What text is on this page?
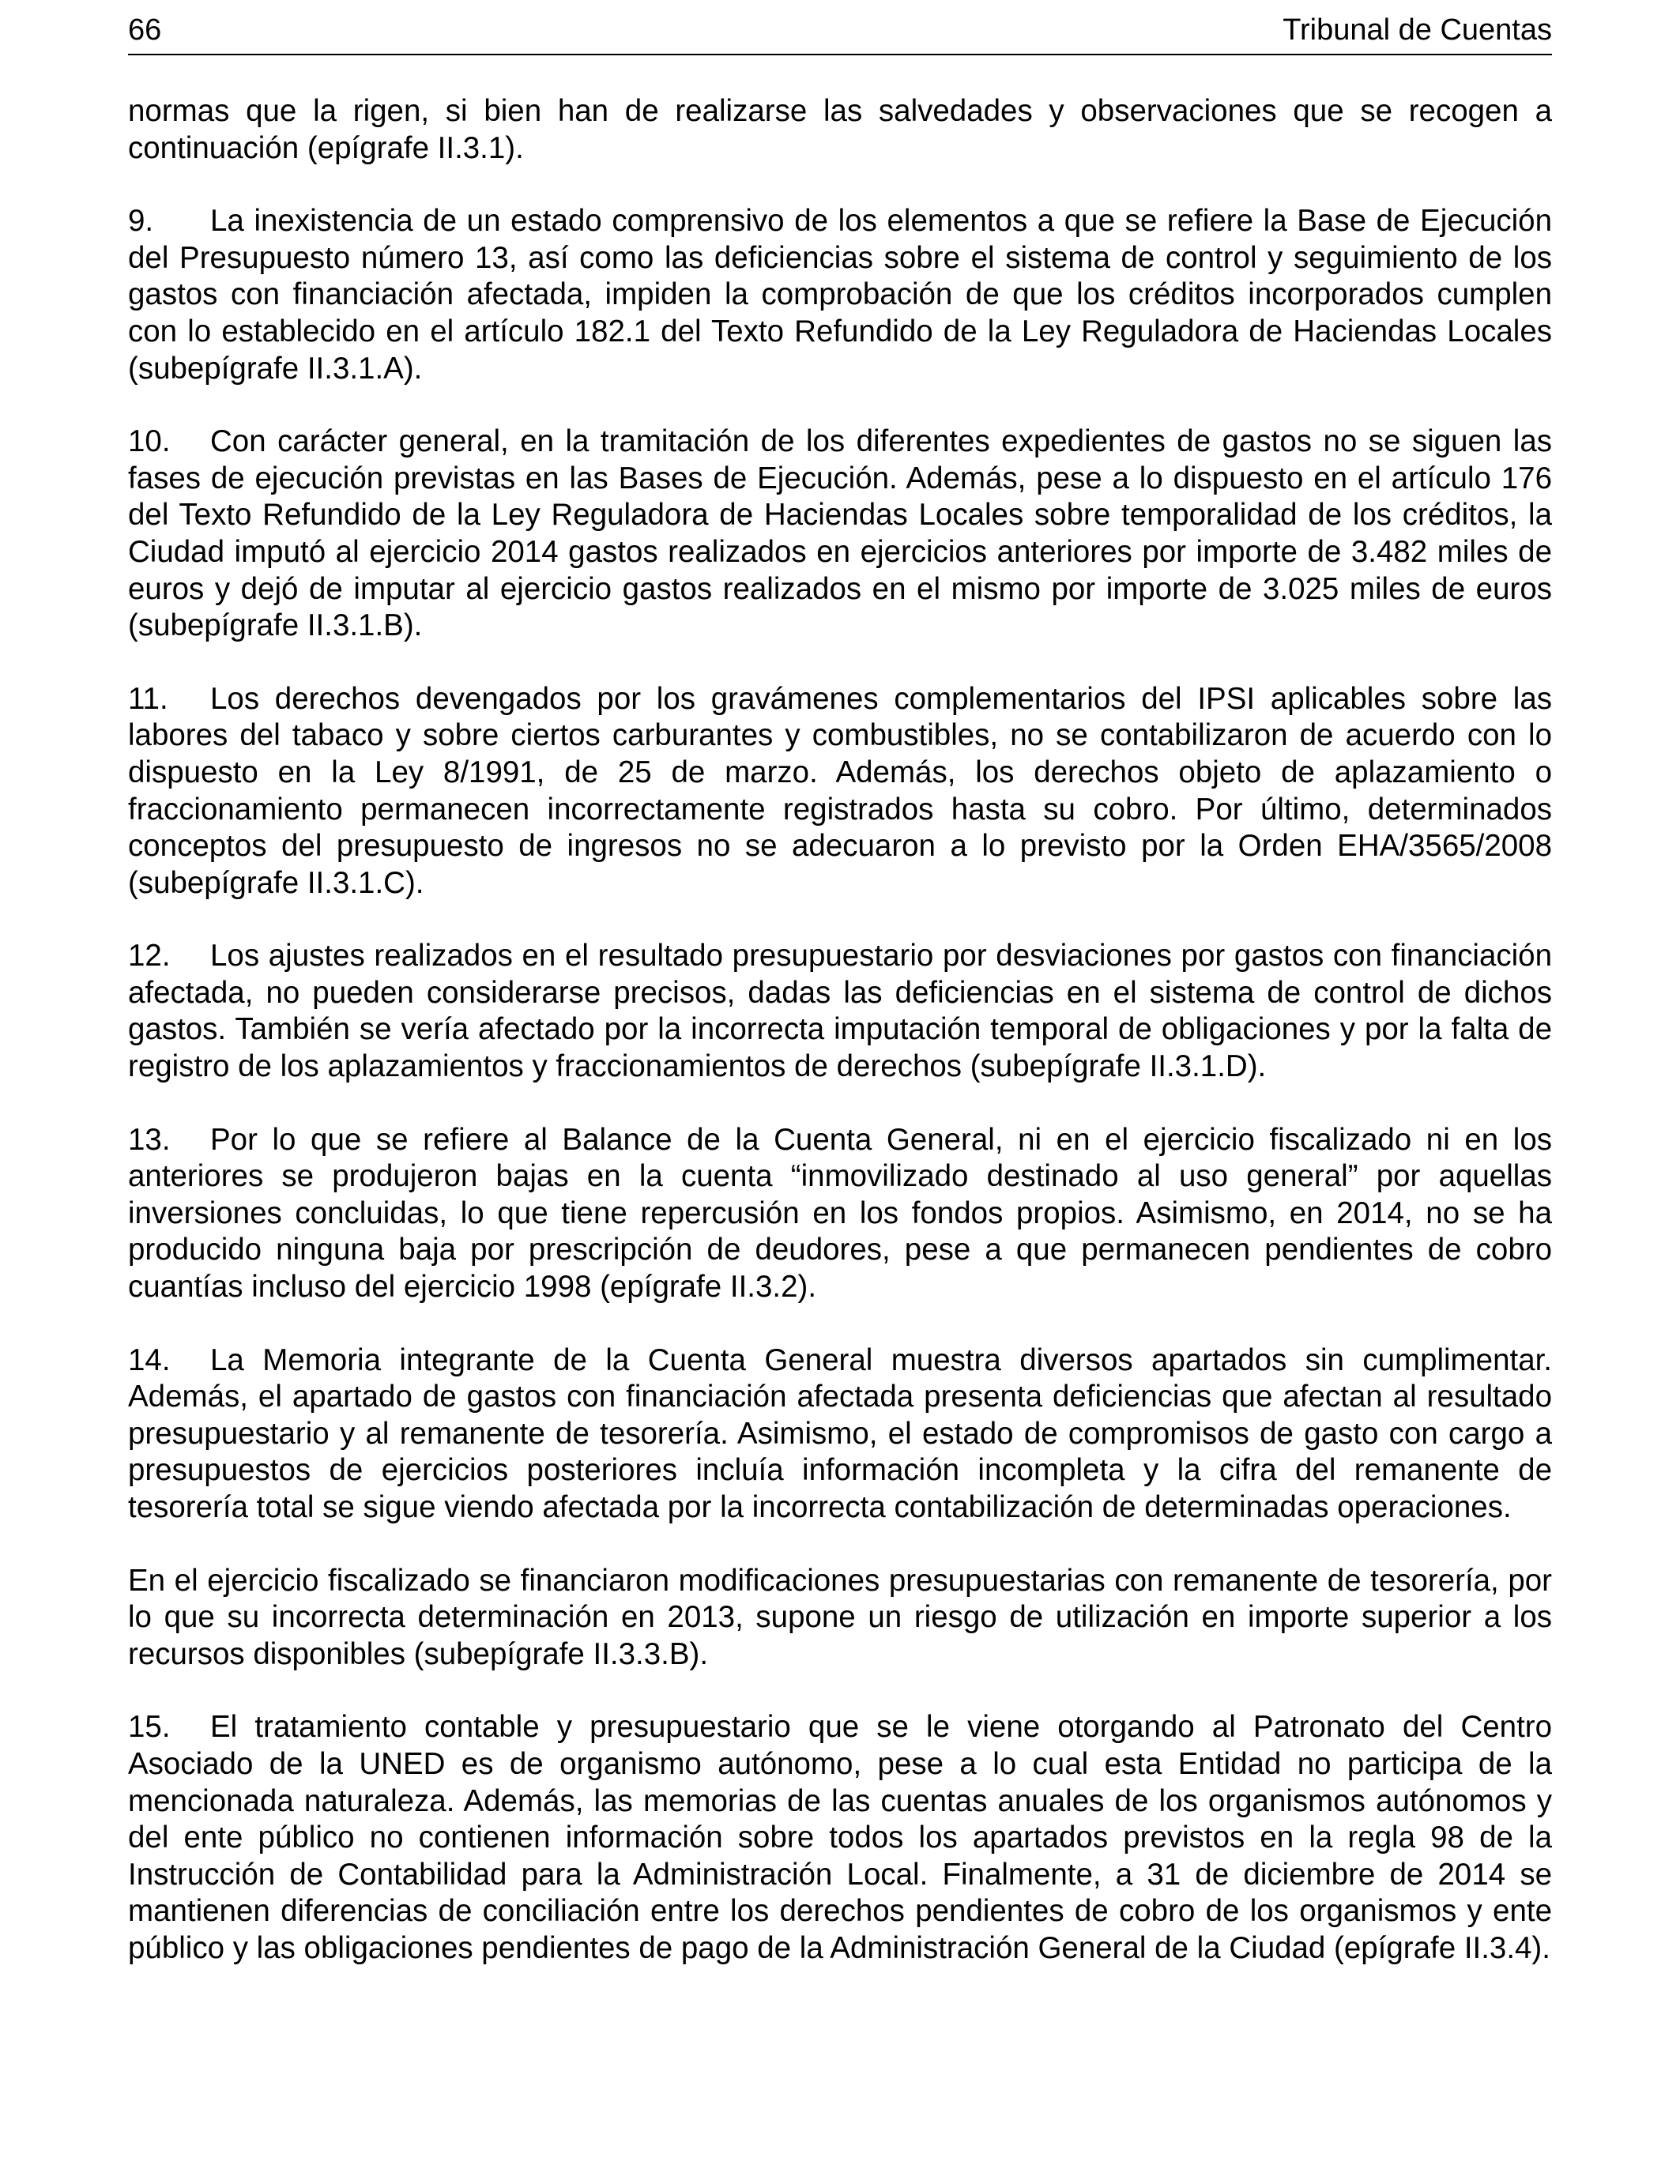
66	Tribunal de Cuentas

normas que la rigen, si bien han de realizarse las salvedades y observaciones que se recogen a continuación (epígrafe II.3.1).

9. La inexistencia de un estado comprensivo de los elementos a que se refiere la Base de Ejecución del Presupuesto número 13, así como las deficiencias sobre el sistema de control y seguimiento de los gastos con financiación afectada, impiden la comprobación de que los créditos incorporados cumplen con lo establecido en el artículo 182.1 del Texto Refundido de la Ley Reguladora de Haciendas Locales (subepígrafe II.3.1.A).

10. Con carácter general, en la tramitación de los diferentes expedientes de gastos no se siguen las fases de ejecución previstas en las Bases de Ejecución. Además, pese a lo dispuesto en el artículo 176 del Texto Refundido de la Ley Reguladora de Haciendas Locales sobre temporalidad de los créditos, la Ciudad imputó al ejercicio 2014 gastos realizados en ejercicios anteriores por importe de 3.482 miles de euros y dejó de imputar al ejercicio gastos realizados en el mismo por importe de 3.025 miles de euros (subepígrafe II.3.1.B).

11. Los derechos devengados por los gravámenes complementarios del IPSI aplicables sobre las labores del tabaco y sobre ciertos carburantes y combustibles, no se contabilizaron de acuerdo con lo dispuesto en la Ley 8/1991, de 25 de marzo. Además, los derechos objeto de aplazamiento o fraccionamiento permanecen incorrectamente registrados hasta su cobro. Por último, determinados conceptos del presupuesto de ingresos no se adecuaron a lo previsto por la Orden EHA/3565/2008 (subepígrafe II.3.1.C).

12. Los ajustes realizados en el resultado presupuestario por desviaciones por gastos con financiación afectada, no pueden considerarse precisos, dadas las deficiencias en el sistema de control de dichos gastos. También se vería afectado por la incorrecta imputación temporal de obligaciones y por la falta de registro de los aplazamientos y fraccionamientos de derechos (subepígrafe II.3.1.D).

13. Por lo que se refiere al Balance de la Cuenta General, ni en el ejercicio fiscalizado ni en los anteriores se produjeron bajas en la cuenta “inmovilizado destinado al uso general” por aquellas inversiones concluidas, lo que tiene repercusión en los fondos propios. Asimismo, en 2014, no se ha producido ninguna baja por prescripción de deudores, pese a que permanecen pendientes de cobro cuantías incluso del ejercicio 1998 (epígrafe II.3.2).

14. La Memoria integrante de la Cuenta General muestra diversos apartados sin cumplimentar. Además, el apartado de gastos con financiación afectada presenta deficiencias que afectan al resultado presupuestario y al remanente de tesorería. Asimismo, el estado de compromisos de gasto con cargo a presupuestos de ejercicios posteriores incluía información incompleta y la cifra del remanente de tesorería total se sigue viendo afectada por la incorrecta contabilización de determinadas operaciones.

En el ejercicio fiscalizado se financiaron modificaciones presupuestarias con remanente de tesorería, por lo que su incorrecta determinación en 2013, supone un riesgo de utilización en importe superior a los recursos disponibles (subepígrafe II.3.3.B).

15. El tratamiento contable y presupuestario que se le viene otorgando al Patronato del Centro Asociado de la UNED es de organismo autónomo, pese a lo cual esta Entidad no participa de la mencionada naturaleza. Además, las memorias de las cuentas anuales de los organismos autónomos y del ente público no contienen información sobre todos los apartados previstos en la regla 98 de la Instrucción de Contabilidad para la Administración Local. Finalmente, a 31 de diciembre de 2014 se mantienen diferencias de conciliación entre los derechos pendientes de cobro de los organismos y ente público y las obligaciones pendientes de pago de la Administración General de la Ciudad (epígrafe II.3.4).
